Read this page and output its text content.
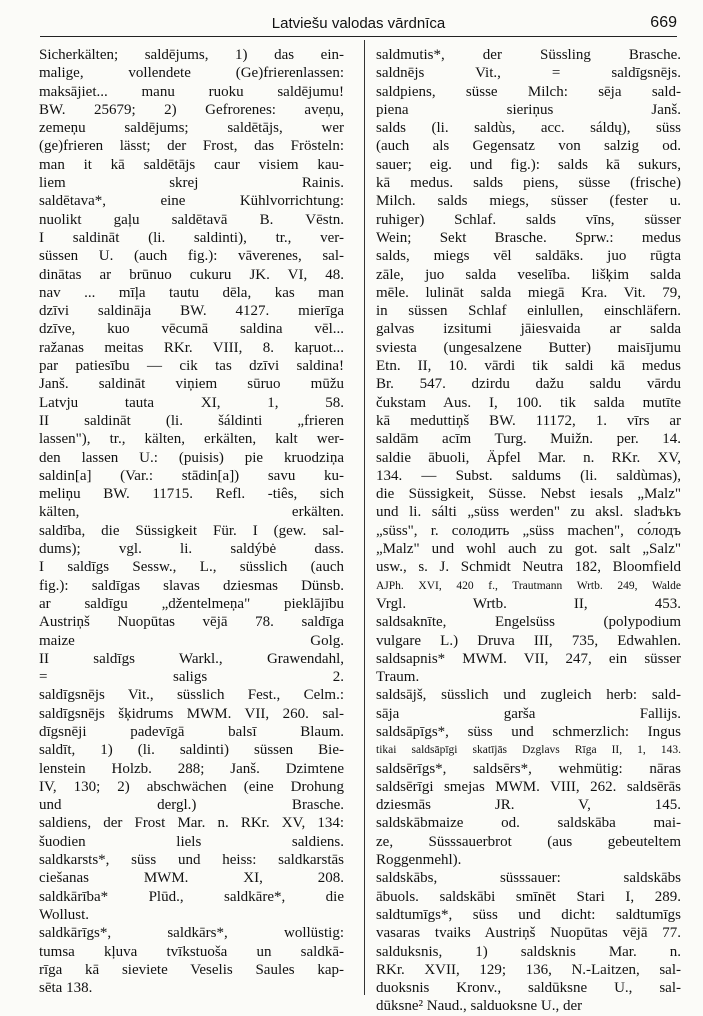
Latviešu valodas vārdnīca	669
Sicherkälten; saldējums, 1) das ein-
malige, vollendete (Ge)frierenlassen:
maksājiet... manu ruoku saldējumu!
BW. 25679; 2) Gefrorenes: aveņu,
zemeņu saldējums; saldētājs, wer
(ge)frieren lässt; der Frost, das Frösteln:
man it kā saldētājs caur visiem kau-
liem skrej Rainis.
saldētava*, eine Kühlvorrichtung:
nuolikt gaļu saldētavā B. Vēstn.
I saldināt (li. saldinti), tr., ver-
süssen U. (auch fig.): vāverenes, sal-
dinātas ar brūnuo cukuru JK. VI, 48.
nav ... mīļa tautu dēla, kas man
dzīvi saldināja BW. 4127. mierīga
dzīve, kuo vēcumā saldina vēl...
ražanas meitas RKr. VIII, 8. kaŗuot...
par patiesību — cik tas dzīvi saldina!
Janš. saldināt viņiem sūruo mūžu
Latvju tauta XI, 1, 58.
II saldināt (li. šáldinti „frieren
lassen"), tr., kälten, erkälten, kalt wer-
den lassen U.: (puisis) pie kruodziņa
saldin[a] (Var.: stādin[a]) savu ku-
meliņu BW. 11715. Refl. -tiês, sich
kälten, erkälten.
saldība, die Süssigkeit Für. I (gew. sal-
dums); vgl. li. saldýbė dass.
I saldīgs Sessw., L., süsslich (auch
fig.): saldīgas slavas dziesmas Dünsb.
ar saldīgu „džentelmeņa" pieklājību
Austriņš Nuopūtas vējā 78. saldīga
maize Golg.
II saldīgs Warkl., Grawendahl,
= saligs 2.
saldīgsnējs Vit., süsslich Fest., Celm.:
saldīgsnējs šķidrums MWM. VII, 260. sal-
dīgsnēji padevīgā balsī Blaum.
saldīt, 1) (li. saldinti) süssen Bie-
lenstein Holzb. 288; Janš. Dzimtene
IV, 130; 2) abschwächen (eine Drohung
und dergl.) Brasche.
saldiens, der Frost Mar. n. RKr. XV, 134:
šuodien liels saldiens.
saldkarsts*, süss und heiss: saldkarstās
ciešanas MWM. XI, 208.
saldkārība* Plūd., saldkāre*, die
Wollust.
saldkārīgs*, saldkārs*, wollüstig:
tumsa kļuva tvīkstuoša un saldkā-
rīga kā sieviete Veselis Saules kap-
sēta 138.
saldmutis*, der Süssling Brasche.
saldnējs Vit., = saldīgsnējs.
saldpiens, süsse Milch: sēja sald-
piena sieriņus Janš.
salds (li. saldùs, acc. sáldų), süss
(auch als Gegensatz von salzig od.
sauer; eig. und fig.): salds kā sukurs,
kā medus. salds piens, süsse (frische)
Milch. salds miegs, süsser (fester u.
ruhiger) Schlaf. salds vīns, süsser
Wein; Sekt Brasche. Sprw.: medus
salds, miegs vēl saldāks. juo rūgta
zāle, juo salda veselība. lišķim salda
mēle. lulināt salda miegā Kra. Vit. 79,
in süssen Schlaf einlullen, einschläfern.
galvas izsitumi jāiesvaida ar salda
sviesta (ungesalzene Butter) maisījumu
Etn. II, 10. vārdi tik saldi kā medus
Br. 547. dzirdu dažu saldu vārdu
čukstam Aus. I, 100. tik salda mutīte
kā meduttiņš BW. 11172, 1. vīrs ar
saldām acīm Turg. Muižn. per. 14.
saldie ābuoli, Äpfel Mar. n. RKr. XV,
134. — Subst. saldums (li. saldùmas),
die Süssigkeit, Süsse. Nebst iesals „Malz"
und li. sálti „süss werden" zu aksl. sladъkъ
„süss", r. солодить „süss machen", со́лодъ
„Malz" und wohl auch zu got. salt „Salz"
usw., s. J. Schmidt Neutra 182, Bloomfield
AJPh. XVI, 420 f., Trautmann Wrtb. 249, Walde
Vrgl. Wrtb. II, 453.
saldsaknīte, Engelsüss (polypodium
vulgare L.) Druva III, 735, Edwahlen.
saldsapnis* MWM. VII, 247, ein süsser
Traum.
saldsājš, süsslich und zugleich herb: sald-
sāja garša Fallijs.
saldsāpīgs*, süss und schmerzlich: Ingus
tikai saldsāpīgi skatījās Dzglavs Rīga II, 1, 143.
saldsērīgs*, saldsērs*, wehmütig: nāras
saldsērīgi smejas MWM. VIII, 262. saldsērās
dziesmās JR. V, 145.
saldskābmaize od. saldskāba mai-
ze, Süsssauerbrot (aus gebeuteltem
Roggenmehl).
saldskābs, süsssauer: saldskābs
ābuols. saldskābi smīnēt Stari I, 289.
saldtumīgs*, süss und dicht: saldtumīgs
vasaras tvaiks Austriņš Nuopūtas vējā 77.
salduksnis, 1) saldsknis Mar. n.
RKr. XVII, 129; 136, N.-Laitzen, sal-
duoksnis Kronv., saldūksne U., sal-
dūksne² Naud., salduoksne U., der
